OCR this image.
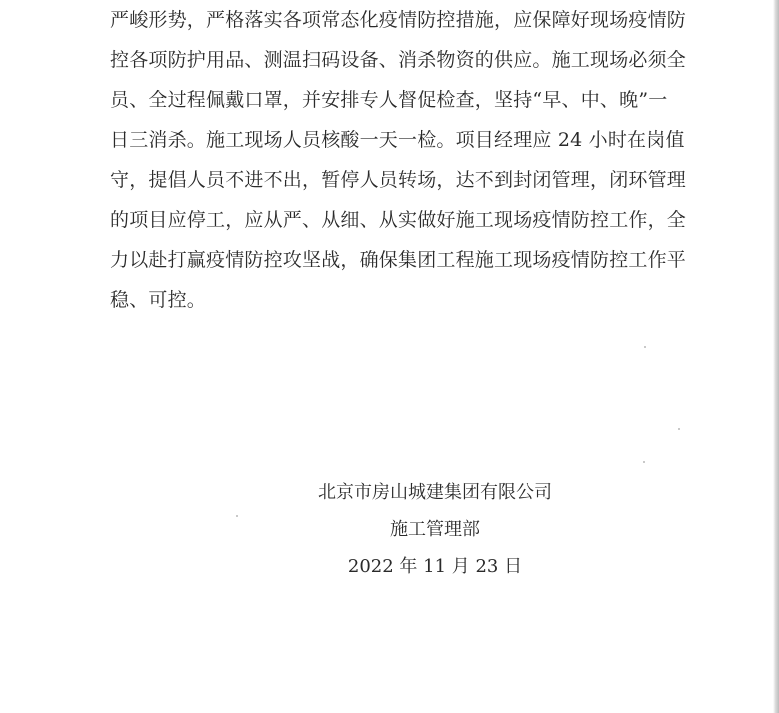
严峻形势，严格落实各项常态化疫情防控措施，应保障好现场疫情防
控各项防护用品、测温扫码设备、消杀物资的供应。施工现场必须全
员、全过程佩戴口罩，并安排专人督促检查，坚持“早、中、晚”一
日三消杀。施工现场人员核酸一天一检。项目经理应 24 小时在岗值
守，提倡人员不进不出，暂停人员转场，达不到封闭管理，闭环管理
的项目应停工，应从严、从细、从实做好施工现场疫情防控工作，全
力以赴打赢疫情防控攻坚战，确保集团工程施工现场疫情防控工作平
稳、可控。
北京市房山城建集团有限公司
施工管理部
2022 年 11 月 23 日
